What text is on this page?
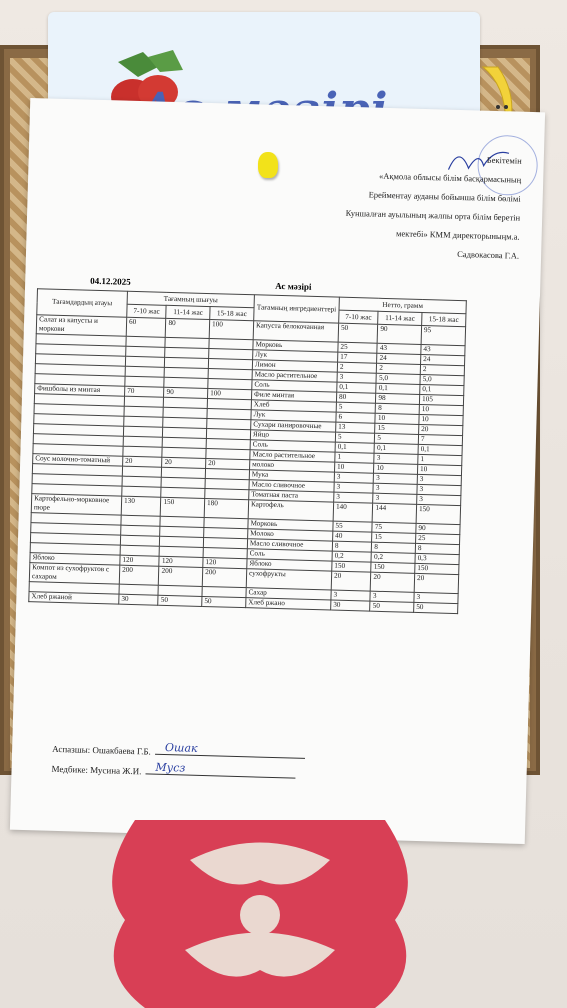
Бекітемін
«Ақмола облысы білім басқармасының
Ерейментау ауданы бойынша білім бөлімі
Куншалған ауылының жалпы орта білім беретін
мектебі» КММ директорыныңм.а.
Садвокасова Г.А.
04.12.2025	Ас мәзірі
Тағамдардың атауы	Тағамның шығуы			Тағамның ингредиенттері	Нетто, грамм		
	7-10 жас	11-14 жас	15-18 жас		7-10 жас	11-14 жас	15-18 жас
Салат из капусты и моркови	60	80	100	Капуста белокочанная	50	90	95
				Морковь	25	43	43
				Лук	17	24	24
				Лимон	2	2	2
				Масло растительное	3	5,0	5,0
				Соль	0,1	0,1	0,1
Фишболы из минтая	70	90	100	Филе минтая	80	98	105
				Хлеб	5	8	10
				Лук	6	10	10
				Сухари панировочные	13	15	20
				Яйцо	5	5	7
				Соль	0,1	0,1	0,1
				Масло растительное	1	3	1
Соус молочно-томатный	20	20	20	молоко	10	10	10
				Мука	3	3	3
				Масло сливочное	3	3	3
				Томатная паста	3	3	3
Картофельно-морковное пюре	130	150	180	Картофель	140	144	150
				Морковь	55	75	90
				Молоко	40	15	25
				Масло сливочное	8	8	8
				Соль	0,2	0,2	0,3
Яблоко	120	120	120	Яблоко	150	150	150
Компот из сухофруктов с сахаром	200	200	200	сухофрукты	20	20	20
				Сахар	3	3	3
Хлеб ржаной	30	50	50	Хлеб ржано	30	50	50
Аспазшы: Ошакбаева Г.Б. Ошак
Медбике: Мусина Ж.И. Мусз
